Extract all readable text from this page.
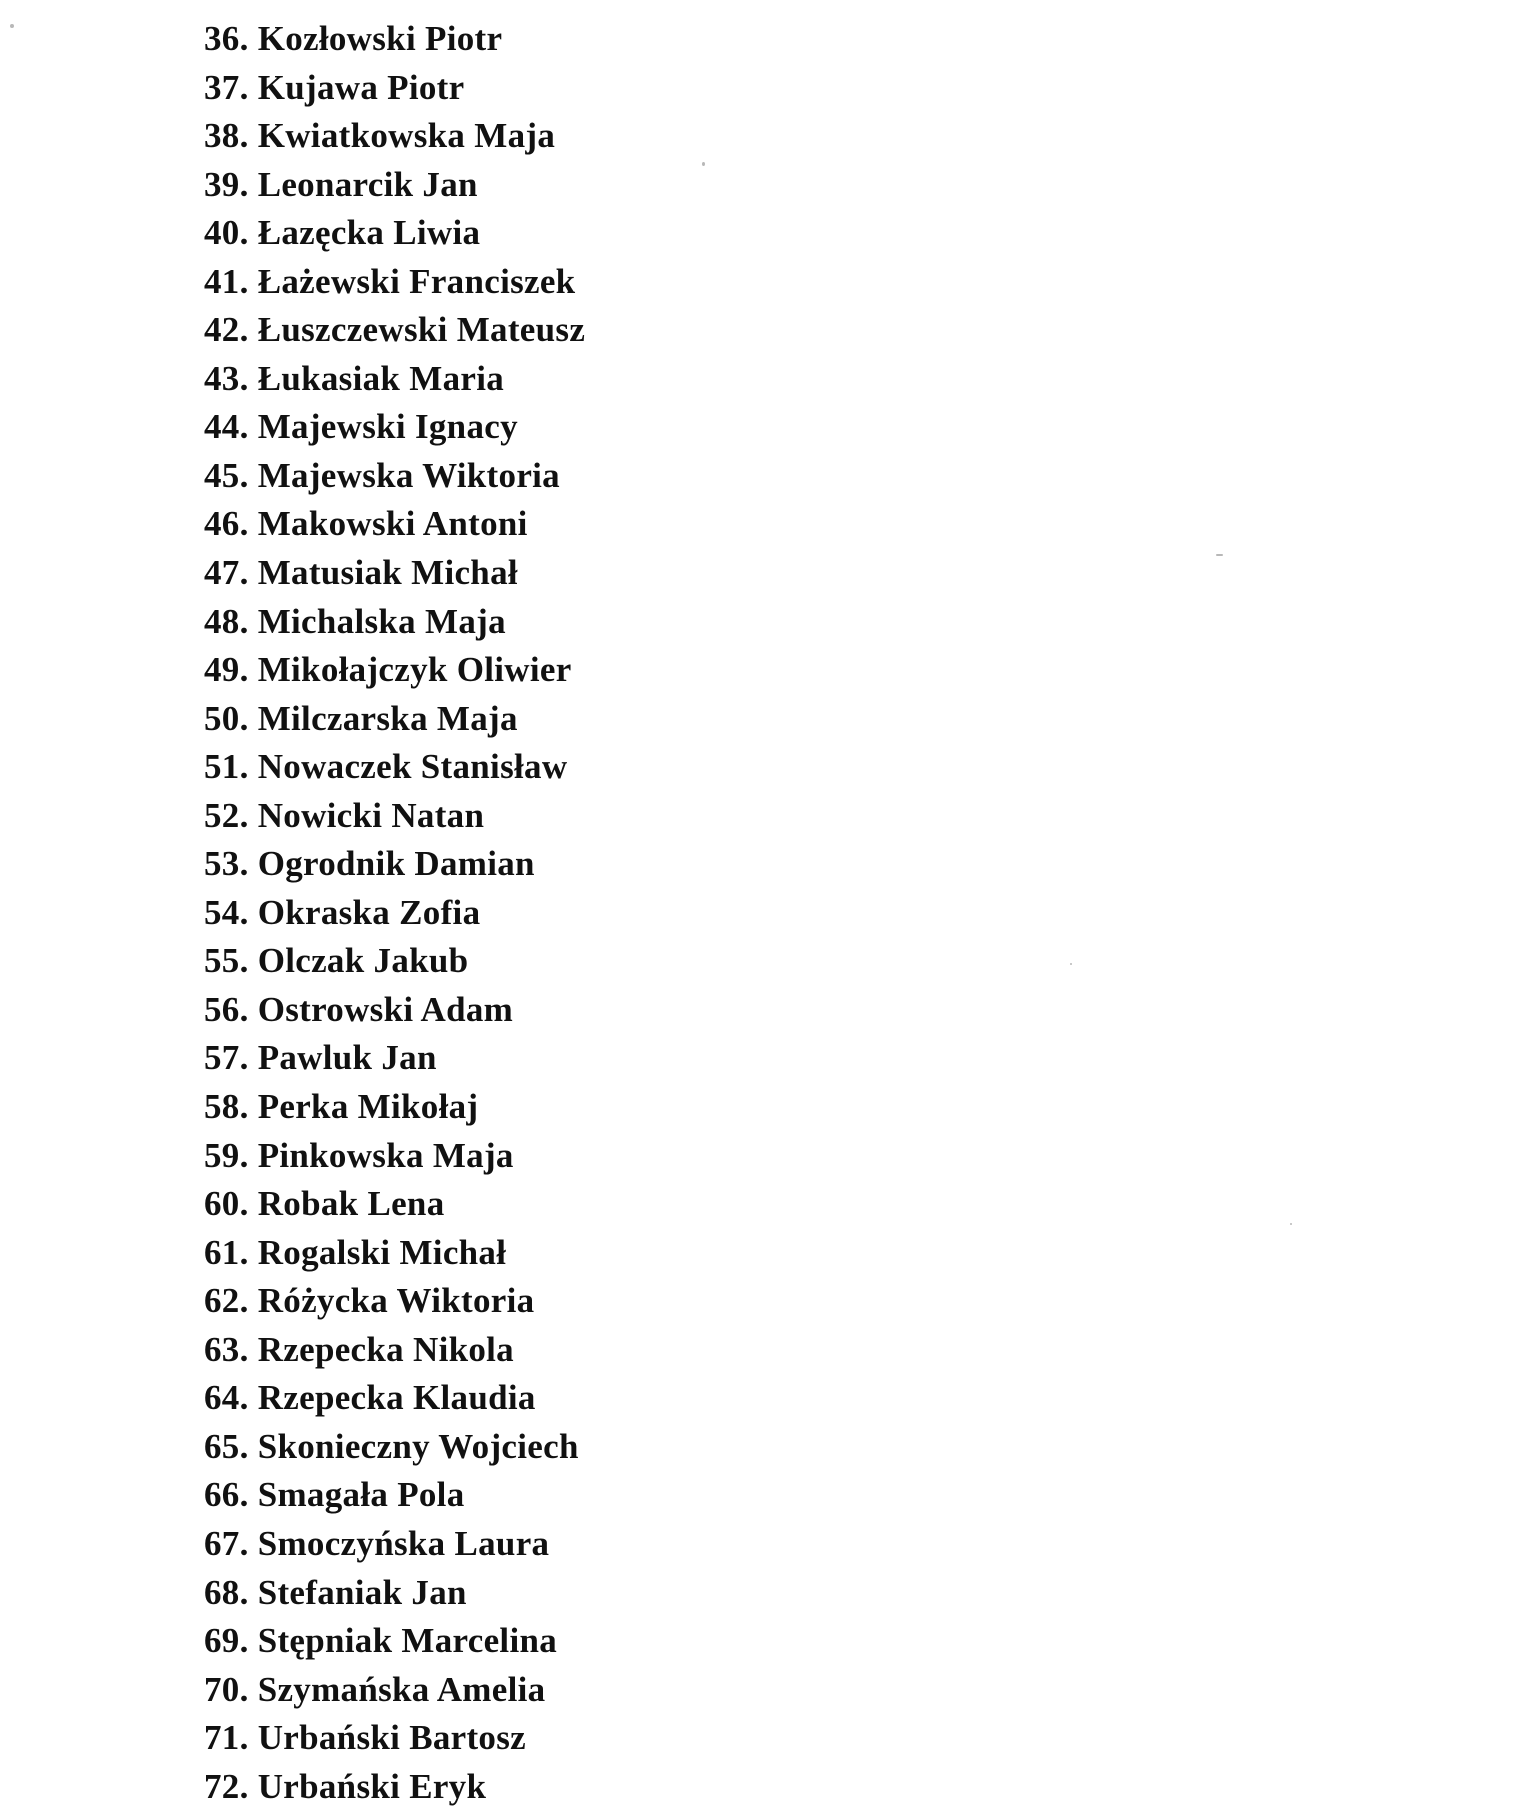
36. Kozłowski Piotr
37. Kujawa Piotr
38. Kwiatkowska Maja
39. Leonarcik Jan
40. Łazęcka Liwia
41. Łażewski Franciszek
42. Łuszczewski Mateusz
43. Łukasiak Maria
44. Majewski Ignacy
45. Majewska Wiktoria
46. Makowski Antoni
47. Matusiak Michał
48. Michalska Maja
49. Mikołajczyk Oliwier
50. Milczarska Maja
51. Nowaczek Stanisław
52. Nowicki Natan
53. Ogrodnik Damian
54. Okraska Zofia
55. Olczak Jakub
56. Ostrowski Adam
57. Pawluk Jan
58. Perka Mikołaj
59. Pinkowska Maja
60. Robak Lena
61. Rogalski Michał
62. Różycka Wiktoria
63. Rzepecka Nikola
64. Rzepecka Klaudia
65. Skonieczny Wojciech
66. Smagała Pola
67. Smoczyńska Laura
68. Stefaniak Jan
69. Stępniak Marcelina
70. Szymańska Amelia
71. Urbański Bartosz
72. Urbański Eryk
